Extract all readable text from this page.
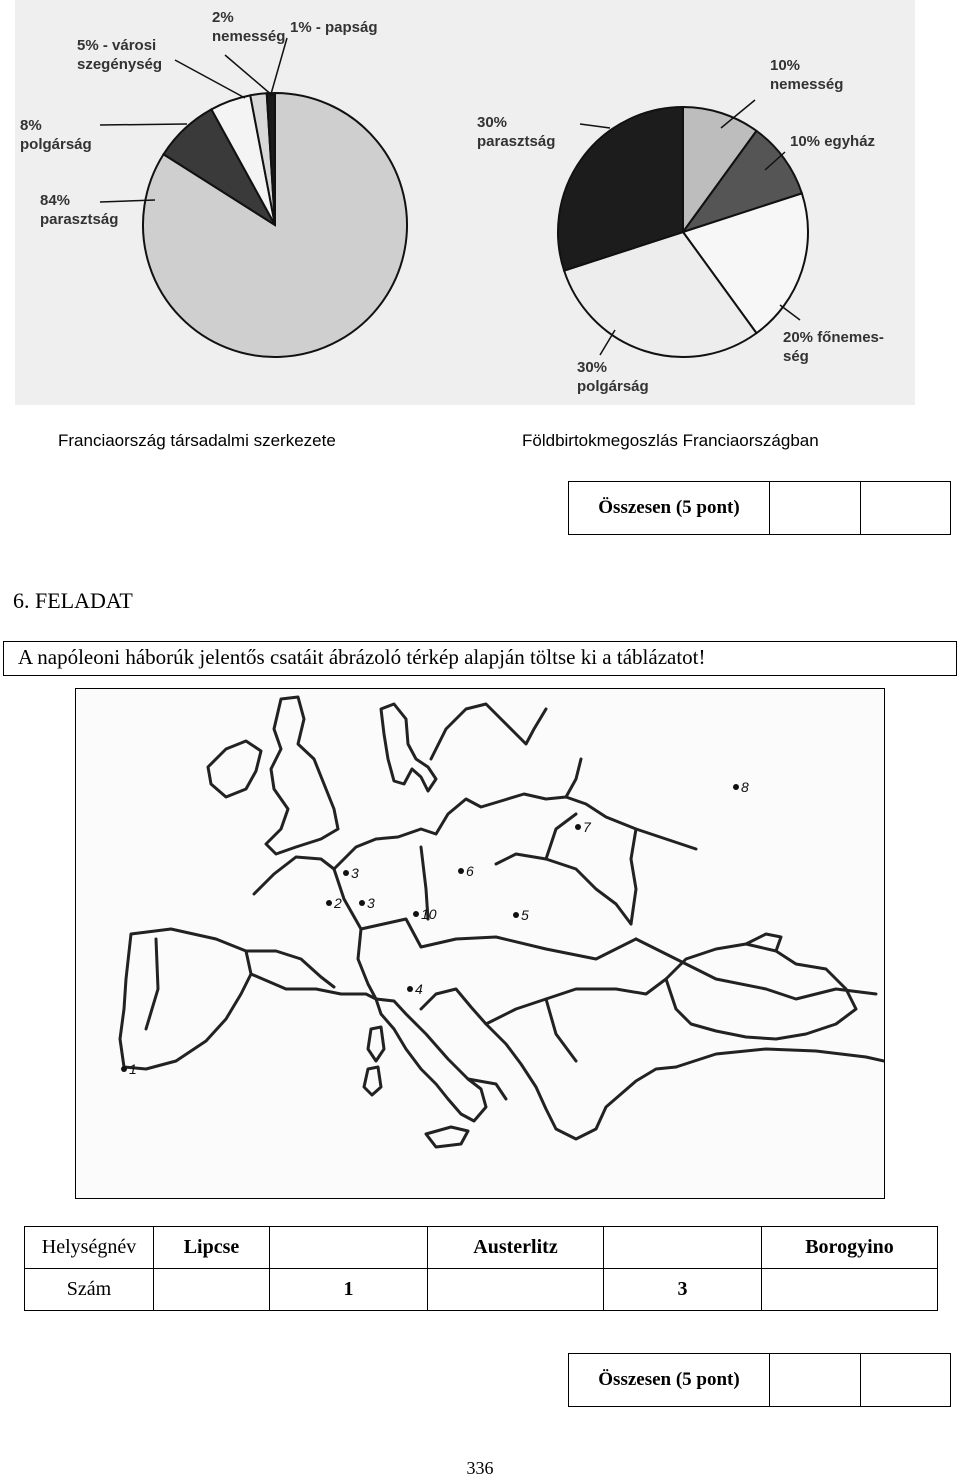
84% parasztság
8% polgárság
5% - városi szegénység
2% nemesség
1% - papság
10% nemesség
10% egyház
20% főnemes-ség
30% polgárság
30% parasztság
Franciaország társadalmi szerkezete	Földbirtokmegoszlás Franciaországban
Összesen (5 pont)
6. FELADAT
A napóleoni háborúk jelentős csatáit ábrázoló térkép alapján töltse ki a táblázatot!
1
2
3
3
4
5
6
7
8
10
Helységnév	Lipcse		Austerlitz		Borogyino
Szám		1		3	
Összesen (5 pont)
336
